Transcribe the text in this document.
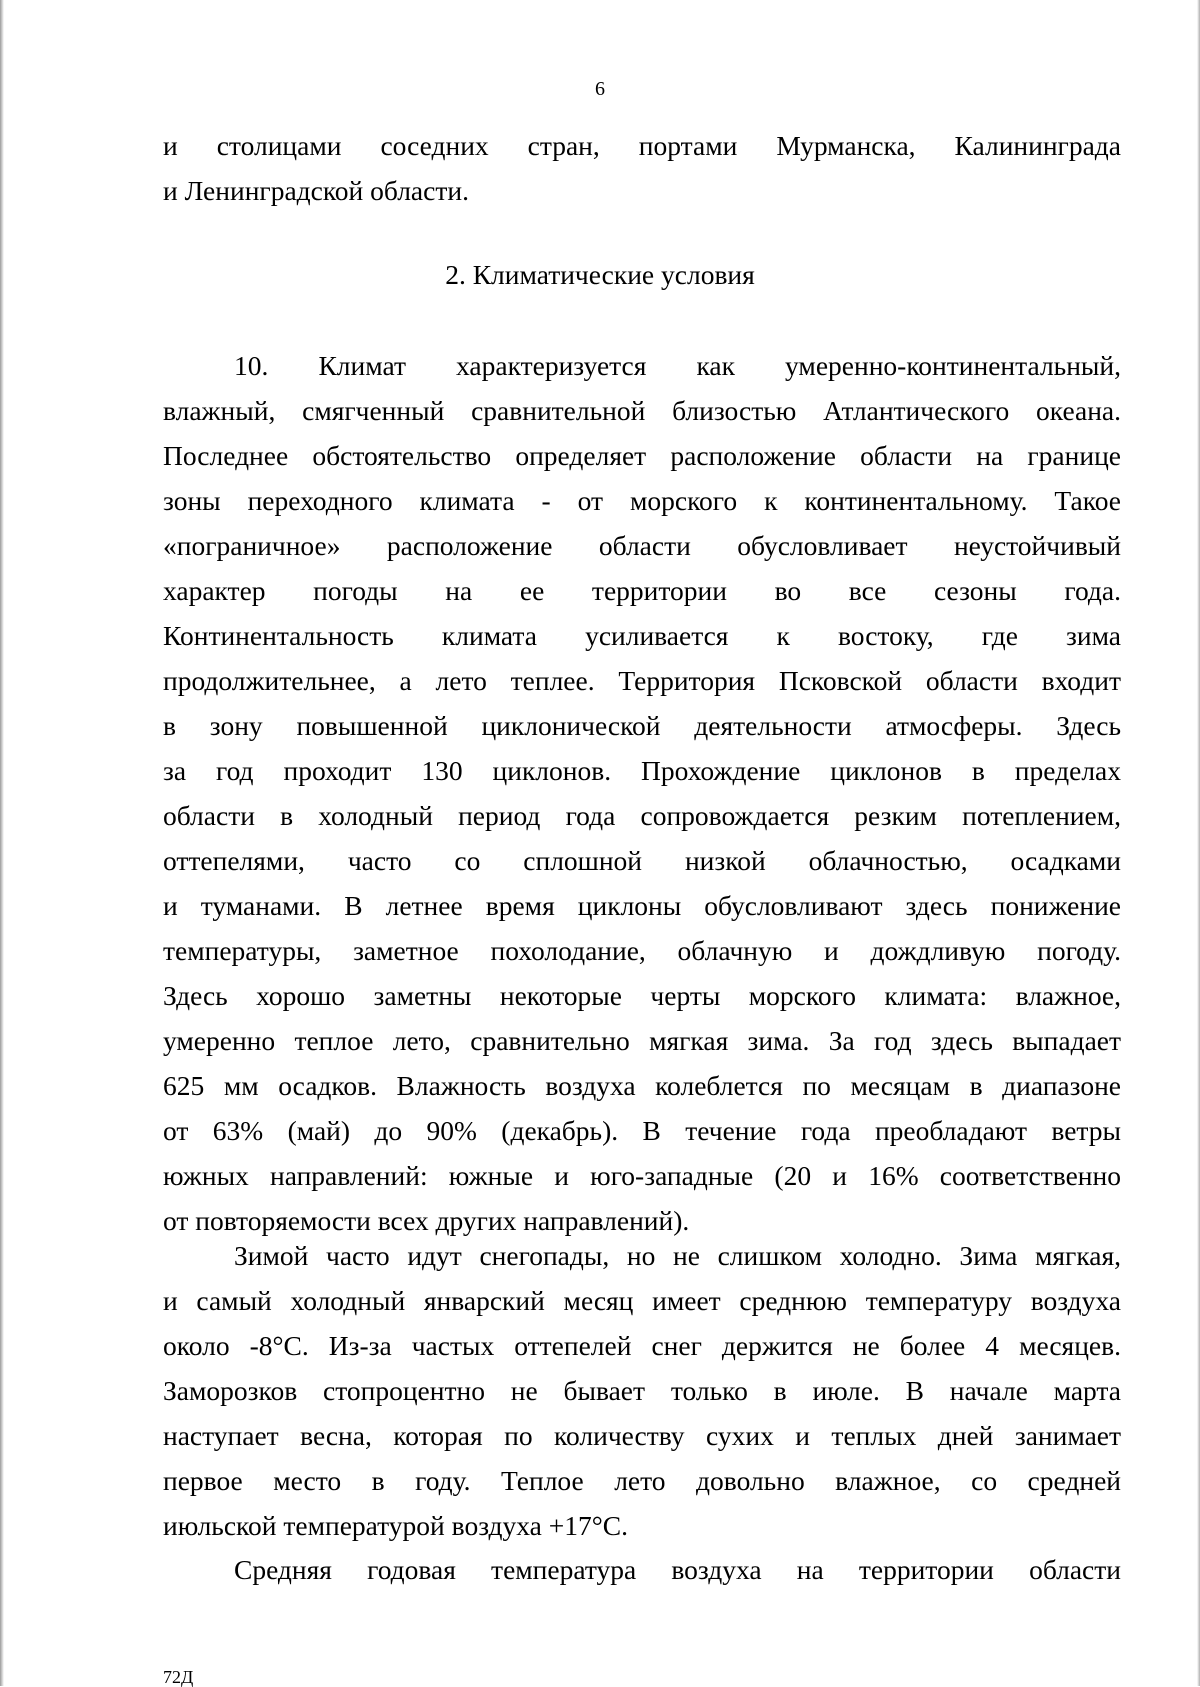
6
и столицами соседних стран, портами Мурманска, Калининграда
и Ленинградской области.
2. Климатические условия
10. Климат характеризуется как умеренно-континентальный,
влажный, смягченный сравнительной близостью Атлантического океана.
Последнее обстоятельство определяет расположение области на границе
зоны переходного климата - от морского к континентальному. Такое
«пограничное» расположение области обусловливает неустойчивый
характер погоды на ее территории во все сезоны года.
Континентальность климата усиливается к востоку, где зима
продолжительнее, а лето теплее. Территория Псковской области входит
в зону повышенной циклонической деятельности атмосферы. Здесь
за год проходит 130 циклонов. Прохождение циклонов в пределах
области в холодный период года сопровождается резким потеплением,
оттепелями, часто со сплошной низкой облачностью, осадками
и туманами. В летнее время циклоны обусловливают здесь понижение
температуры, заметное похолодание, облачную и дождливую погоду.
Здесь хорошо заметны некоторые черты морского климата: влажное,
умеренно теплое лето, сравнительно мягкая зима. За год здесь выпадает
625 мм осадков. Влажность воздуха колеблется по месяцам в диапазоне
от 63% (май) до 90% (декабрь). В течение года преобладают ветры
южных направлений: южные и юго-западные (20 и 16% соответственно
от повторяемости всех других направлений).
Зимой часто идут снегопады, но не слишком холодно. Зима мягкая,
и самый холодный январский месяц имеет среднюю температуру воздуха
около -8°С. Из-за частых оттепелей снег держится не более 4 месяцев.
Заморозков стопроцентно не бывает только в июле. В начале марта
наступает весна, которая по количеству сухих и теплых дней занимает
первое место в году. Теплое лето довольно влажное, со средней
июльской температурой воздуха +17°С.
Средняя годовая температура воздуха на территории области
72Д
